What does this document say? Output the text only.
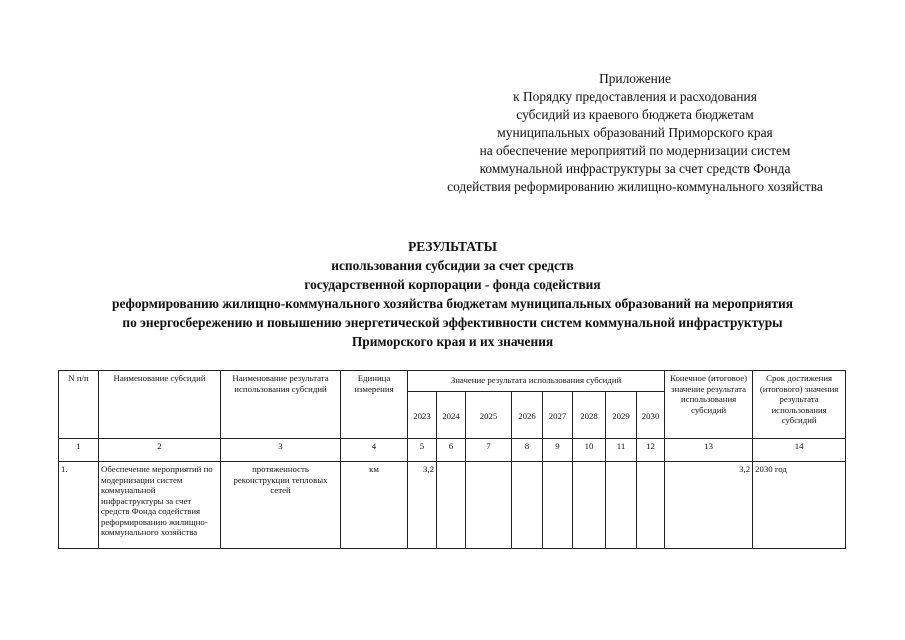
Приложение
к Порядку предоставления и расходования
субсидий из краевого бюджета бюджетам
муниципальных образований Приморского края
на обеспечение мероприятий по модернизации систем
коммунальной инфраструктуры за счет средств Фонда
содействия реформированию жилищно-коммунального хозяйства
РЕЗУЛЬТАТЫ
использования субсидии за счет средств
государственной корпорации - фонда содействия
реформированию жилищно-коммунального хозяйства бюджетам муниципальных образований на мероприятия
по энергосбережению и повышению энергетической эффективности систем коммунальной инфраструктуры
Приморского края и их значения
N п/п	Наименование субсидий	Наименование результата использования субсидий	Единица измерения	Значение результата использования субсидий								Конечное (итоговое) значение результата использования субсидий	Срок достижения (итогового) значения результата использования субсидий
				2023	2024	2025	2026	2027	2028	2029	2030		
1	2	3	4	5	6	7	8	9	10	11	12	13	14
1.	Обеспечение мероприятий по модернизации систем коммунальной инфраструктуры за счет средств Фонда содействия реформированию жилищно-коммунального хозяйства	протяженность реконструкции тепловых сетей	км	3,2								3,2	2030 год
